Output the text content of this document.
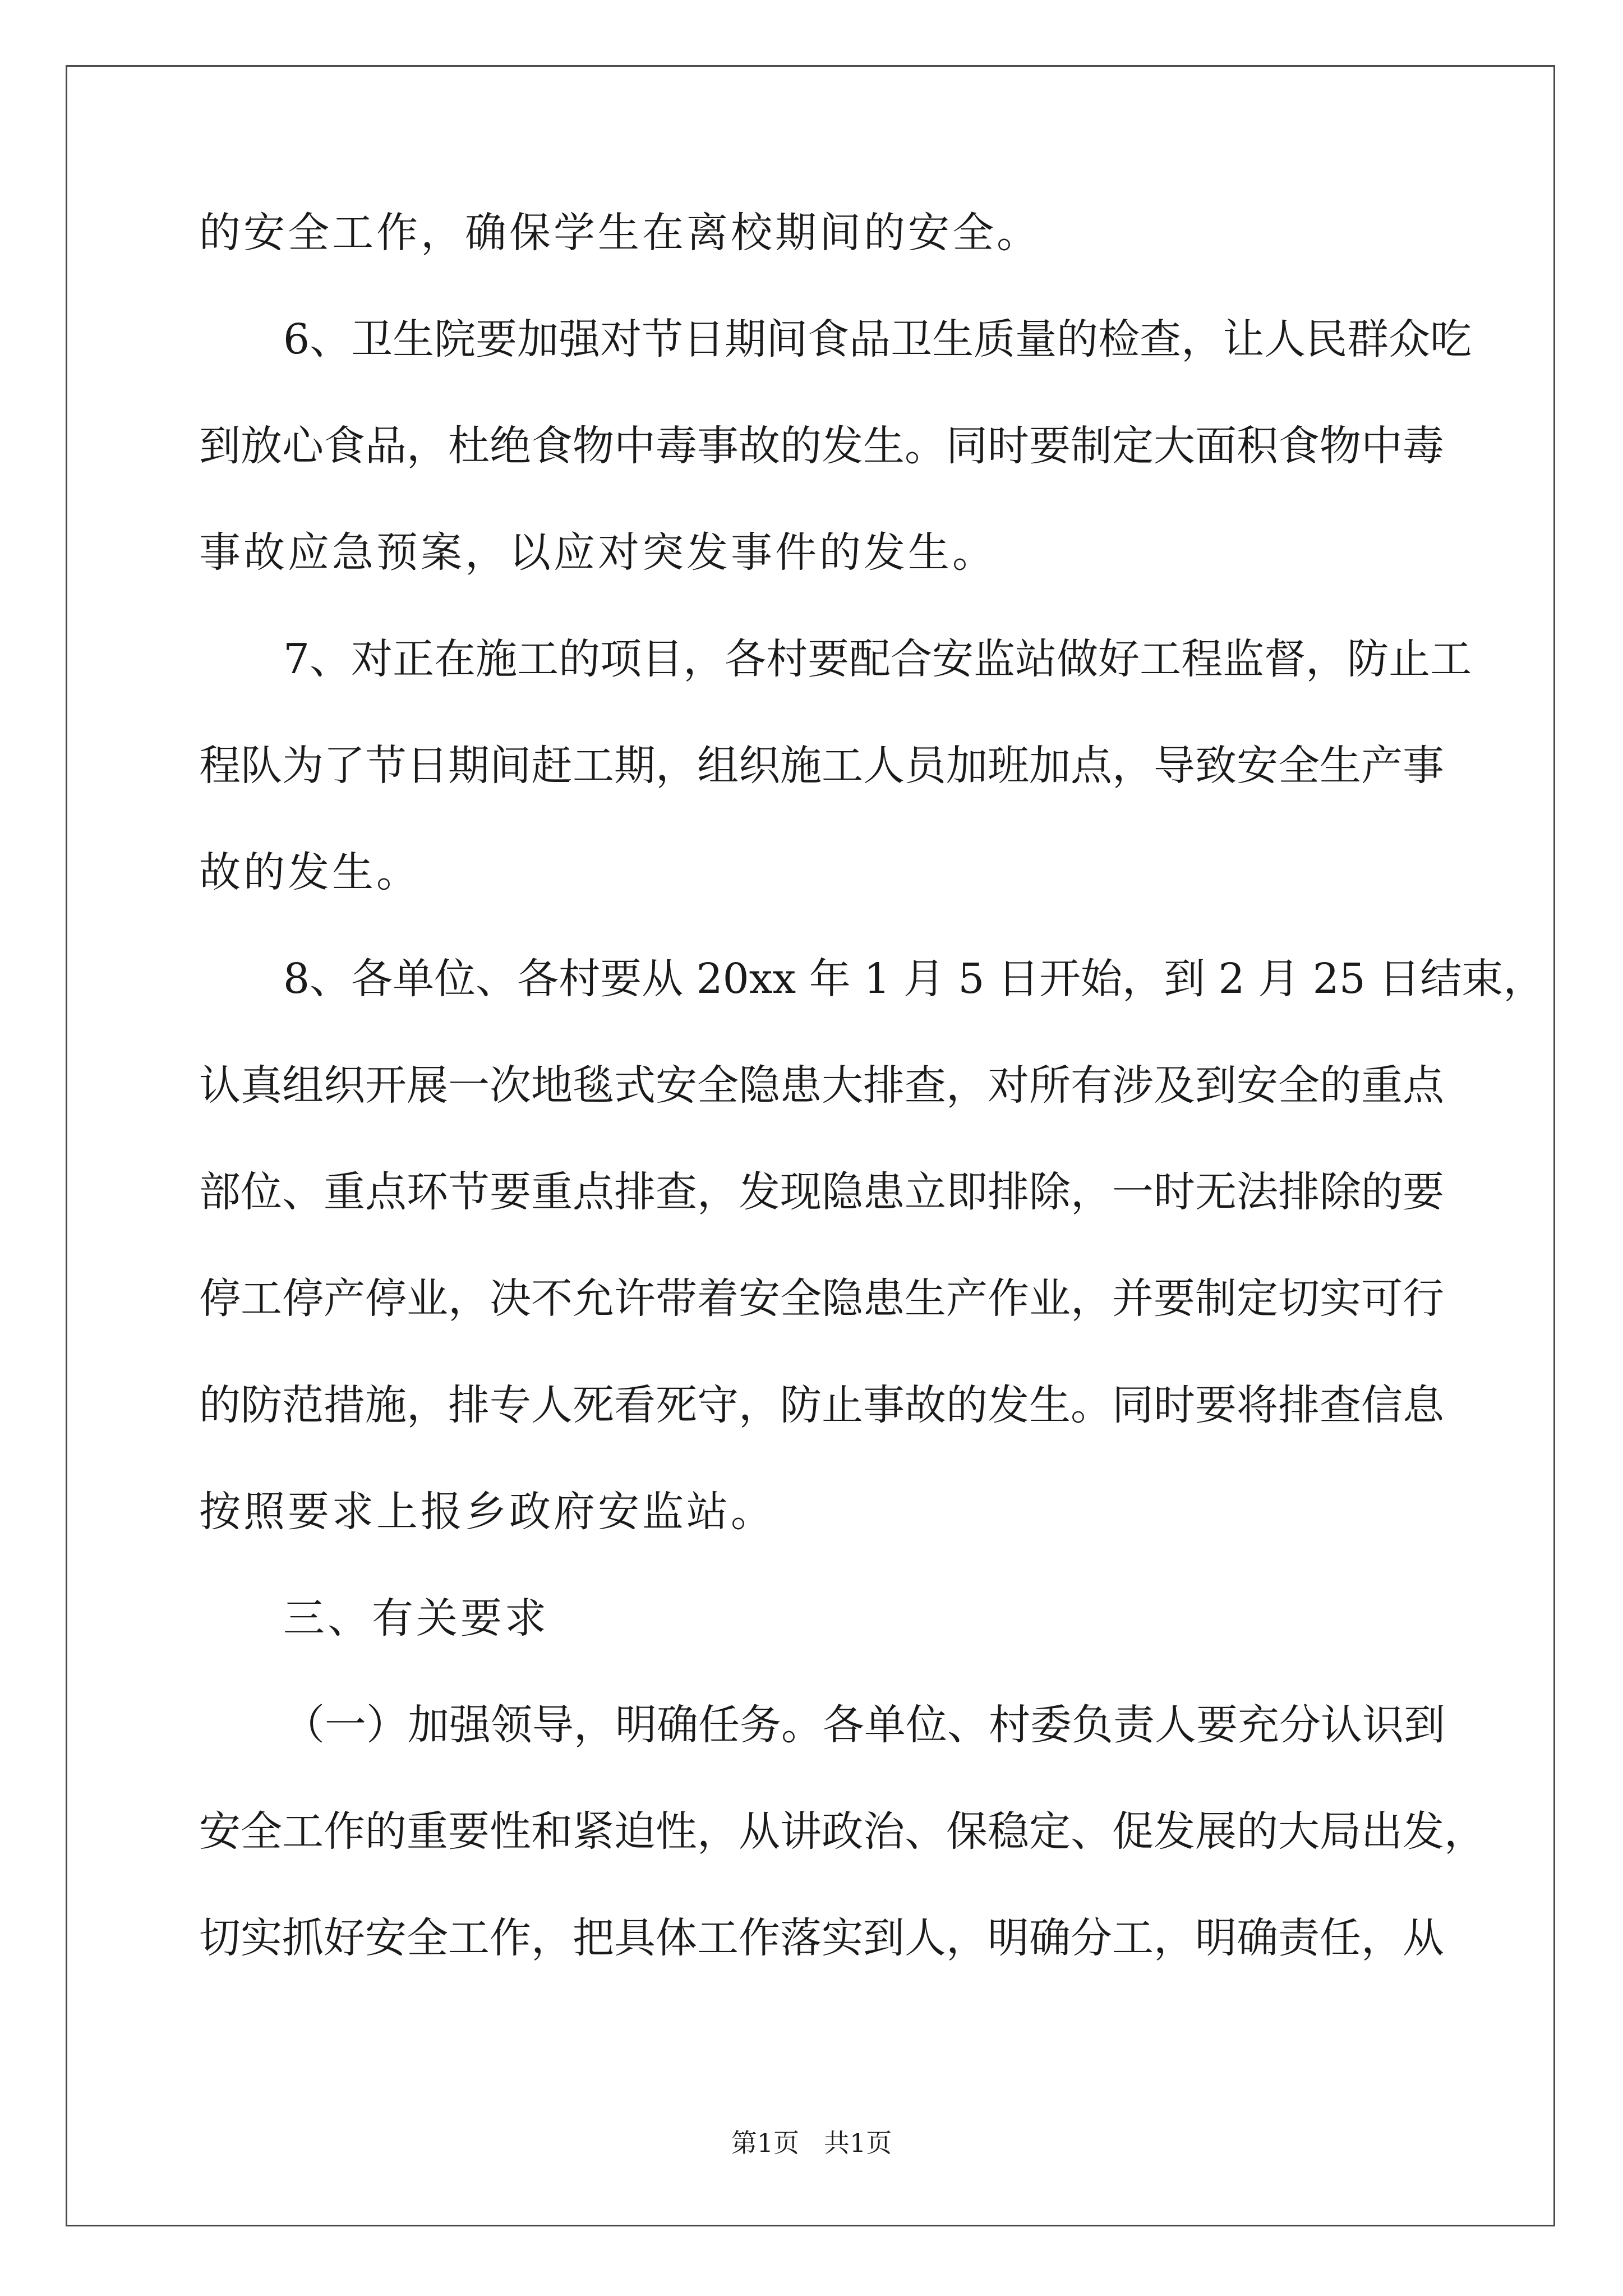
的安全工作，确保学生在离校期间的安全。
6、卫生院要加强对节日期间食品卫生质量的检查，让人民群众吃
到放心食品，杜绝食物中毒事故的发生。同时要制定大面积食物中毒
事故应急预案，以应对突发事件的发生。
7、对正在施工的项目，各村要配合安监站做好工程监督，防止工
程队为了节日期间赶工期，组织施工人员加班加点，导致安全生产事
故的发生。
8、各单位、各村要从 20xx 年 1 月 5 日开始，到 2 月 25 日结束，
认真组织开展一次地毯式安全隐患大排查，对所有涉及到安全的重点
部位、重点环节要重点排查，发现隐患立即排除，一时无法排除的要
停工停产停业，决不允许带着安全隐患生产作业，并要制定切实可行
的防范措施，排专人死看死守，防止事故的发生。同时要将排查信息
按照要求上报乡政府安监站。
三、有关要求
（一）加强领导，明确任务。各单位、村委负责人要充分认识到
安全工作的重要性和紧迫性，从讲政治、保稳定、促发展的大局出发，
切实抓好安全工作，把具体工作落实到人，明确分工，明确责任，从
第1页 共1页
